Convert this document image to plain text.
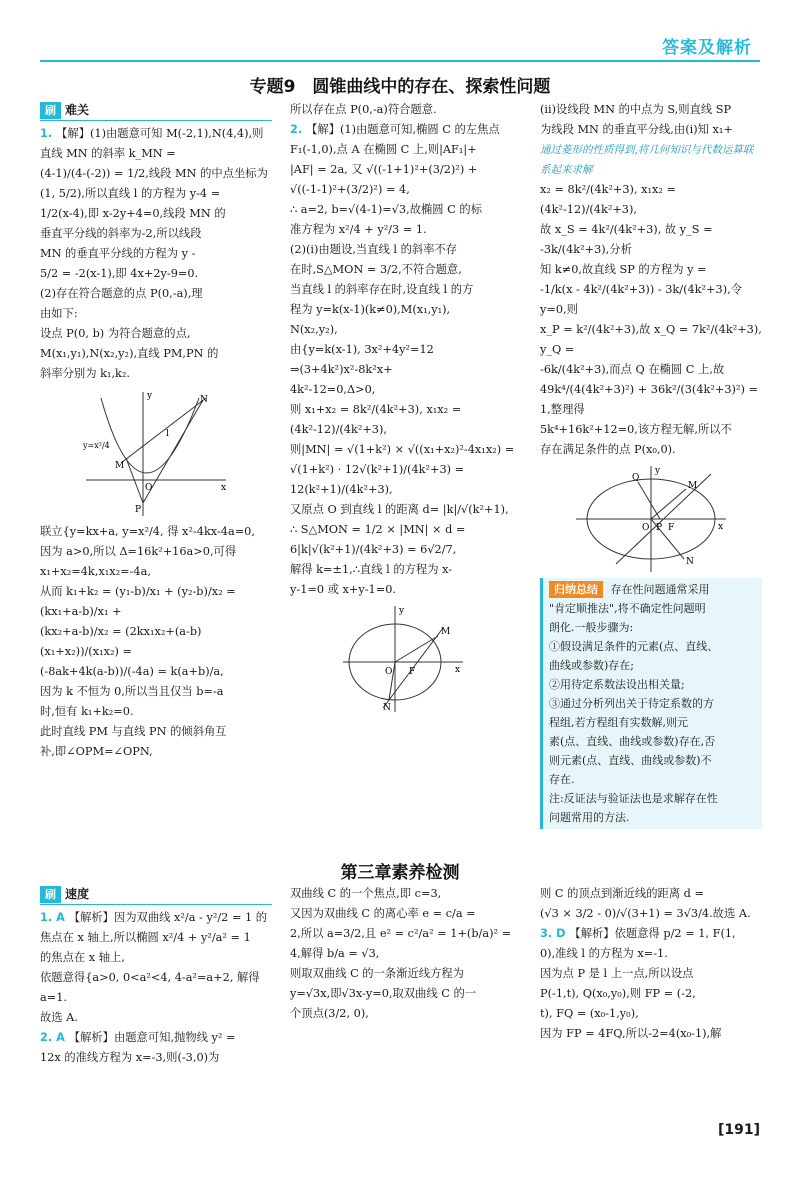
答案及解析
专题9　圆锥曲线中的存在、探索性问题
刷 难关

1. 【解】(1)由题意可知 M(-2,1),N(4,4),则直线 MN 的斜率 k_MN =

(4-1)/(4-(-2)) = 1/2,线段 MN 的中点坐标为

(1, 5/2),所以直线 l 的方程为 y-4 =

1/2(x-4),即 x-2y+4=0,线段 MN 的

垂直平分线的斜率为-2,所以线段

MN 的垂直平分线的方程为 y -

5/2 = -2(x-1),即 4x+2y-9=0.

(2)存在符合题意的点 P(0,-a),理

由如下:

设点 P(0, b) 为符合题意的点,

M(x₁,y₁),N(x₂,y₂),直线 PM,PN 的

斜率分别为 k₁,k₂.

y
x
N
M
O
P
l
y=x²/4

联立{y=kx+a, y=x²/4, 得 x²-4kx-4a=0,

因为 a>0,所以 Δ=16k²+16a>0,可得

x₁+x₂=4k,x₁x₂=-4a,

从而 k₁+k₂ = (y₁-b)/x₁ + (y₂-b)/x₂ = (kx₁+a-b)/x₁ +

(kx₂+a-b)/x₂ = (2kx₁x₂+(a-b)(x₁+x₂))/(x₁x₂) =

(-8ak+4k(a-b))/(-4a) = k(a+b)/a,

因为 k 不恒为 0,所以当且仅当 b=-a

时,恒有 k₁+k₂=0.

此时直线 PM 与直线 PN 的倾斜角互

补,即∠OPM=∠OPN,

所以存在点 P(0,-a)符合题意.

2. 【解】(1)由题意可知,椭圆 C 的左焦点

F₁(-1,0),点 A 在椭圆 C 上,则|AF₁|+

|AF| = 2a, 又 √((-1+1)²+(3/2)²) +

√((-1-1)²+(3/2)²) = 4,

∴ a=2, b=√(4-1)=√3,故椭圆 C 的标

准方程为 x²/4 + y²/3 = 1.

(2)(i)由题设,当直线 l 的斜率不存

在时,S△MON = 3/2,不符合题意,

当直线 l 的斜率存在时,设直线 l 的方

程为 y=k(x-1)(k≠0),M(x₁,y₁),

N(x₂,y₂),

由{y=k(x-1), 3x²+4y²=12 ⇒(3+4k²)x²-8k²x+

4k²-12=0,Δ>0,

则 x₁+x₂ = 8k²/(4k²+3), x₁x₂ = (4k²-12)/(4k²+3),

则|MN| = √(1+k²) × √((x₁+x₂)²-4x₁x₂) =

√(1+k²) · 12√(k²+1)/(4k²+3) = 12(k²+1)/(4k²+3),

又原点 O 到直线 l 的距离 d= |k|/√(k²+1),

∴ S△MON = 1/2 × |MN| × d =

6|k|√(k²+1)/(4k²+3) = 6√2/7,

解得 k=±1,∴直线 l 的方程为 x-

y-1=0 或 x+y-1=0.

y
x
M
O F
N

(ii)设线段 MN 的中点为 S,则直线 SP

为线段 MN 的垂直平分线,由(i)知 x₁+

通过菱形的性质得到,将几何知识与代数运算联系起来求解

x₂ = 8k²/(4k²+3), x₁x₂ = (4k²-12)/(4k²+3),

故 x_S = 4k²/(4k²+3), 故 y_S = -3k/(4k²+3),分析

知 k≠0,故直线 SP 的方程为 y =

-1/k(x - 4k²/(4k²+3)) - 3k/(4k²+3),令 y=0,则

x_P = k²/(4k²+3),故 x_Q = 7k²/(4k²+3), y_Q =

-6k/(4k²+3),而点 Q 在椭圆 C 上,故

49k⁴/(4(4k²+3)²) + 36k²/(3(4k²+3)²) = 1,整理得

5k⁴+16k²+12=0,该方程无解,所以不

存在满足条件的点 P(x₀,0).

y
Q
M
O P F
N
x
归纳总结 存在性问题通常采用
"肯定顺推法",将不确定性问题明
朗化.一般步骤为:
①假设满足条件的元素(点、直线、
曲线或参数)存在;
②用待定系数法设出相关量;
③通过分析列出关于待定系数的方
程组,若方程组有实数解,则元
素(点、直线、曲线或参数)存在,否
则元素(点、直线、曲线或参数)不
存在.
注:反证法与验证法也是求解存在性
问题常用的方法.
第三章素养检测
刷 速度

1. A 【解析】因为双曲线 x²/a - y²/2 = 1 的

焦点在 x 轴上,所以椭圆 x²/4 + y²/a² = 1

的焦点在 x 轴上,

依题意得{a>0, 0<a²<4, 4-a²=a+2, 解得 a=1.

故选 A.

2. A 【解析】由题意可知,抛物线 y² =

12x 的准线方程为 x=-3,则(-3,0)为

双曲线 C 的一个焦点,即 c=3,

又因为双曲线 C 的离心率 e = c/a =

2,所以 a=3/2,且 e² = c²/a² = 1+(b/a)² =

4,解得 b/a = √3,

则取双曲线 C 的一条渐近线方程为

y=√3x,即√3x-y=0,取双曲线 C 的一

个顶点(3/2, 0),

则 C 的顶点到渐近线的距离 d =

(√3 × 3/2 - 0)/√(3+1) = 3√3/4.故选 A.

3. D 【解析】依题意得 p/2 = 1, F(1,

0),准线 l 的方程为 x=-1.

因为点 P 是 l 上一点,所以设点

P(-1,t), Q(x₀,y₀),则 FP = (-2,

t), FQ = (x₀-1,y₀),

因为 FP = 4FQ,所以-2=4(x₀-1),解

[191]
